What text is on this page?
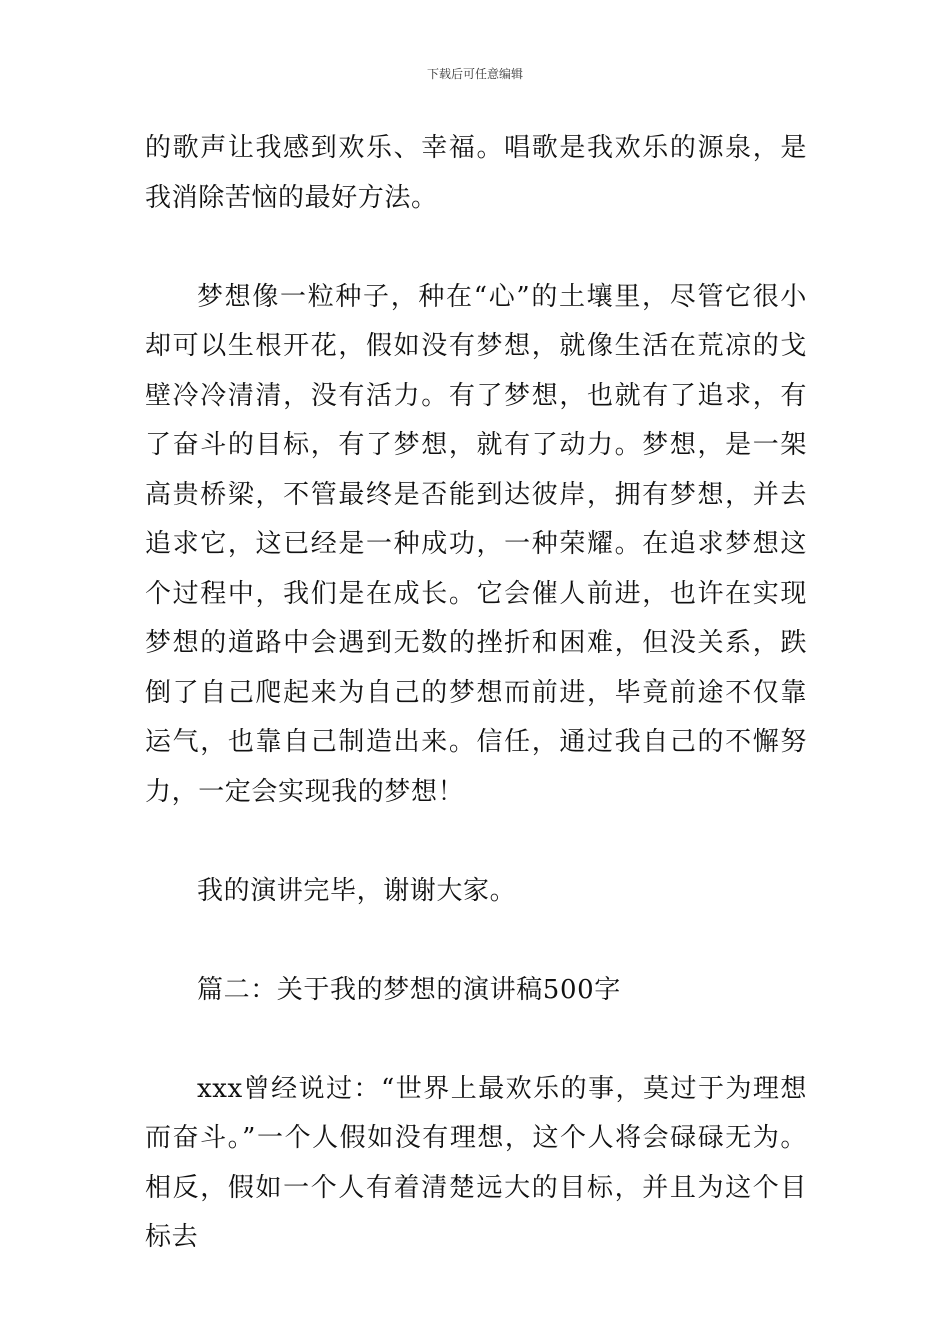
下载后可任意编辑

的歌声让我感到欢乐、幸福。唱歌是我欢乐的源泉，是我消除苦恼的最好方法。

梦想像一粒种子，种在“心”的土壤里，尽管它很小却可以生根开花，假如没有梦想，就像生活在荒凉的戈壁冷冷清清，没有活力。有了梦想，也就有了追求，有了奋斗的目标，有了梦想，就有了动力。梦想，是一架高贵桥梁，不管最终是否能到达彼岸，拥有梦想，并去追求它，这已经是一种成功，一种荣耀。在追求梦想这个过程中，我们是在成长。它会催人前进，也许在实现梦想的道路中会遇到无数的挫折和困难，但没关系，跌倒了自己爬起来为自己的梦想而前进，毕竟前途不仅靠运气，也靠自己制造出来。信任，通过我自己的不懈努力，一定会实现我的梦想！

我的演讲完毕，谢谢大家。

篇二：关于我的梦想的演讲稿500字

xxx曾经说过：“世界上最欢乐的事，莫过于为理想而奋斗。”一个人假如没有理想，这个人将会碌碌无为。相反，假如一个人有着清楚远大的目标，并且为这个目标去
